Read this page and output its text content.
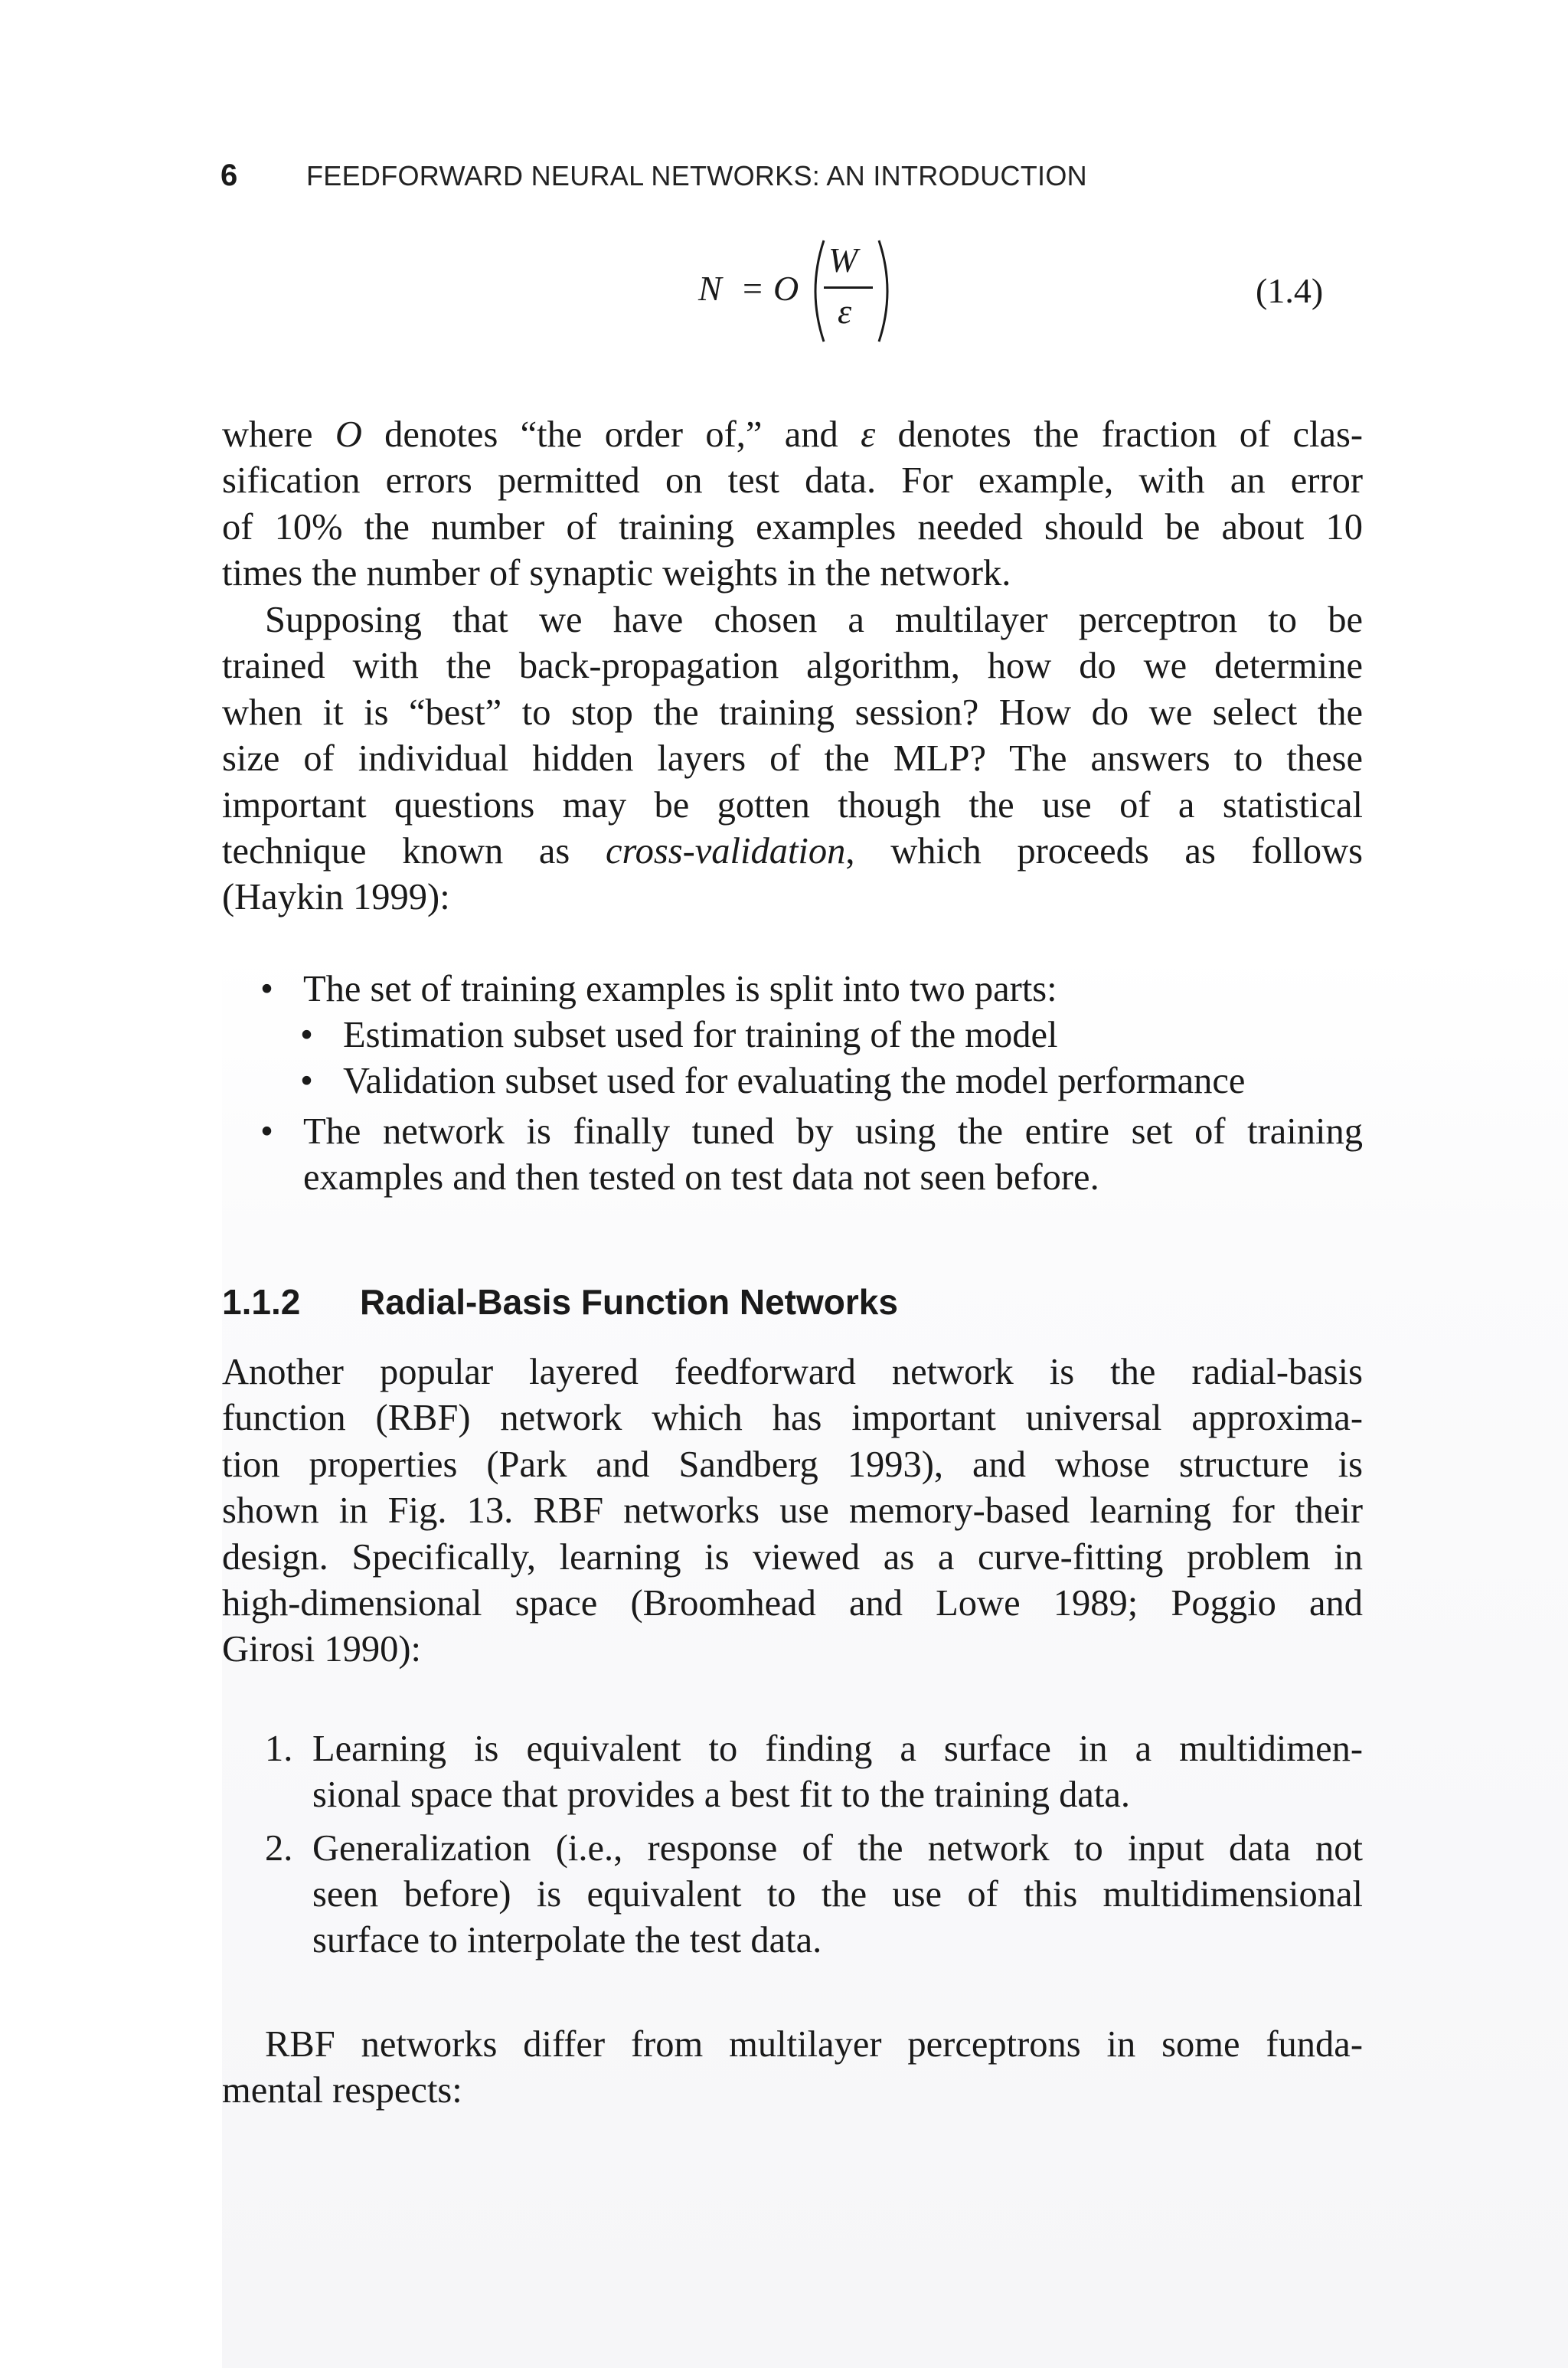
6 FEEDFORWARD NEURAL NETWORKS: AN INTRODUCTION
N = O
W
ε
(1.4)
where O denotes “the order of,” and ε denotes the fraction of clas-
sification errors permitted on test data. For example, with an error
of 10% the number of training examples needed should be about 10
times the number of synaptic weights in the network.
Supposing that we have chosen a multilayer perceptron to be
trained with the back-propagation algorithm, how do we determine
when it is “best” to stop the training session? How do we select the
size of individual hidden layers of the MLP? The answers to these
important questions may be gotten though the use of a statistical
technique known as cross-validation, which proceeds as follows
(Haykin 1999):
• The set of training examples is split into two parts:
• Estimation subset used for training of the model
• Validation subset used for evaluating the model performance
• The network is finally tuned by using the entire set of training
examples and then tested on test data not seen before.
1.1.2 Radial-Basis Function Networks
Another popular layered feedforward network is the radial-basis
function (RBF) network which has important universal approxima-
tion properties (Park and Sandberg 1993), and whose structure is
shown in Fig. 13. RBF networks use memory-based learning for their
design. Specifically, learning is viewed as a curve-fitting problem in
high-dimensional space (Broomhead and Lowe 1989; Poggio and
Girosi 1990):
1. Learning is equivalent to finding a surface in a multidimen-
sional space that provides a best fit to the training data.
2. Generalization (i.e., response of the network to input data not
seen before) is equivalent to the use of this multidimensional
surface to interpolate the test data.
RBF networks differ from multilayer perceptrons in some funda-
mental respects:
